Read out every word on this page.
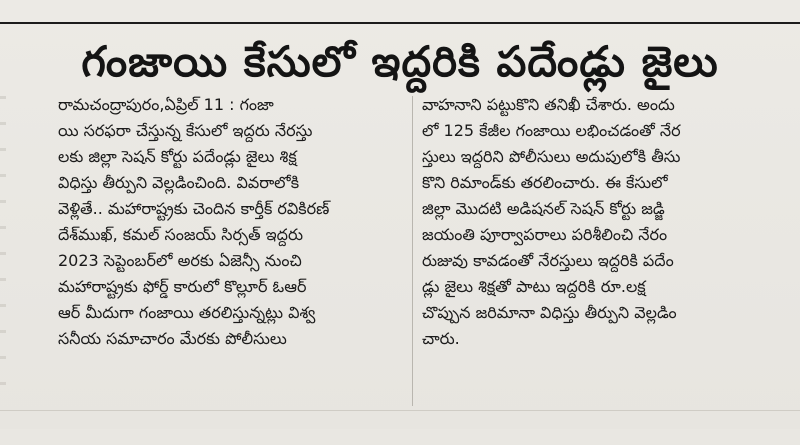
గంజాయి కేసులో ఇద్దరికి పదేండ్లు జైలు
రామచంద్రాపురం,ఏప్రిల్ 11 : గంజా
యి సరఫరా చేస్తున్న కేసులో ఇద్దరు నేరస్తు
లకు జిల్లా సెషన్ కోర్టు పదేండ్లు జైలు శిక్ష
విధిస్తు తీర్పుని వెల్లడించింది. వివరాలోకి
వెళ్లితే.. మహారాష్ట్రకు చెందిన కార్తీక్ రవికిరణ్
దేశ్‌ముఖ్, కమల్ సంజయ్ సిర్సత్ ఇద్దరు
2023 సెప్టెంబర్‌లో అరకు ఏజెన్సీ నుంచి
మహారాష్ట్రకు ఫోర్డ్ కారులో కొల్లూర్ ఓఆర్
ఆర్ మీదుగా గంజాయి తరలిస్తున్నట్లు విశ్వ
సనీయ సమాచారం మేరకు పోలీసులు
వాహనాని పట్టుకొని తనిఖీ చేశారు. అందు
లో 125 కేజీల గంజాయి లభించడంతో నేర
స్తులు ఇద్దరిని పోలీసులు అదుపులోకి తీసు
కొని రిమాండ్‌కు తరలించారు. ఈ కేసులో
జిల్లా మొదటి అడిషనల్ సెషన్ కోర్టు జడ్జి
జయంతి పూర్వాపరాలు పరిశీలించి నేరం
రుజువు కావడంతో నేరస్తులు ఇద్దరికి పదేం
డ్లు జైలు శిక్షతో పాటు ఇద్దరికి రూ.లక్ష
చొప్పున జరిమానా విధిస్తు తీర్పుని వెల్లడిం
చారు.
